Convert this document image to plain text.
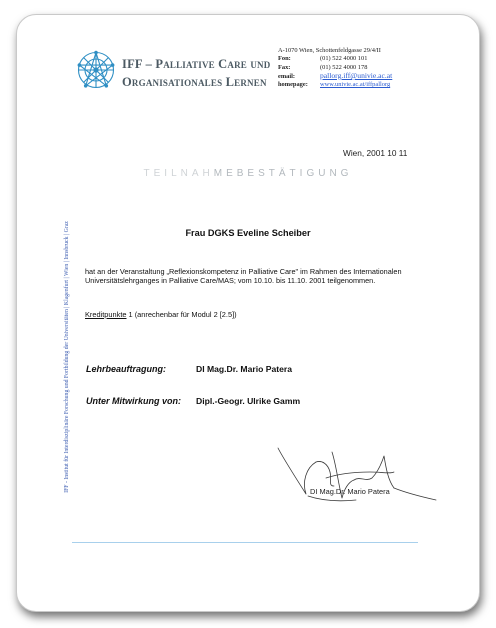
IFF – Palliative Care und
Organisationales Lernen
A-1070 Wien, Schottenfeldgasse 29/4/II
Fon:	(01) 522 4000 101
Fax:	(01) 522 4000 178
email:	pallorg.iff@univie.ac.at
homepage: www.univie.ac.at/iffpallorg
Wien, 2001 10 11
TEILNAHMEBESTÄTIGUNG
IFF - Institut für Interdisziplinäre Forschung und Fortbildung der Universitäten | Klagenfurt | Wien | Innsbruck | Graz	Frau DGKS Eveline Scheiber
hat an der Veranstaltung „Reflexionskompetenz in Palliative Care" im Rahmen des Internationalen Universitätslehrganges in Palliative Care/MAS; vom 10.10. bis 11.10. 2001 teilgenommen.
Kreditpunkte 1 (anrechenbar für Modul 2 [2.5])
Lehrbeauftragung:	DI Mag.Dr. Mario Patera
Unter Mitwirkung von: Dipl.-Geogr. Ulrike Gamm
DI Mag.Dr. Mario Patera
